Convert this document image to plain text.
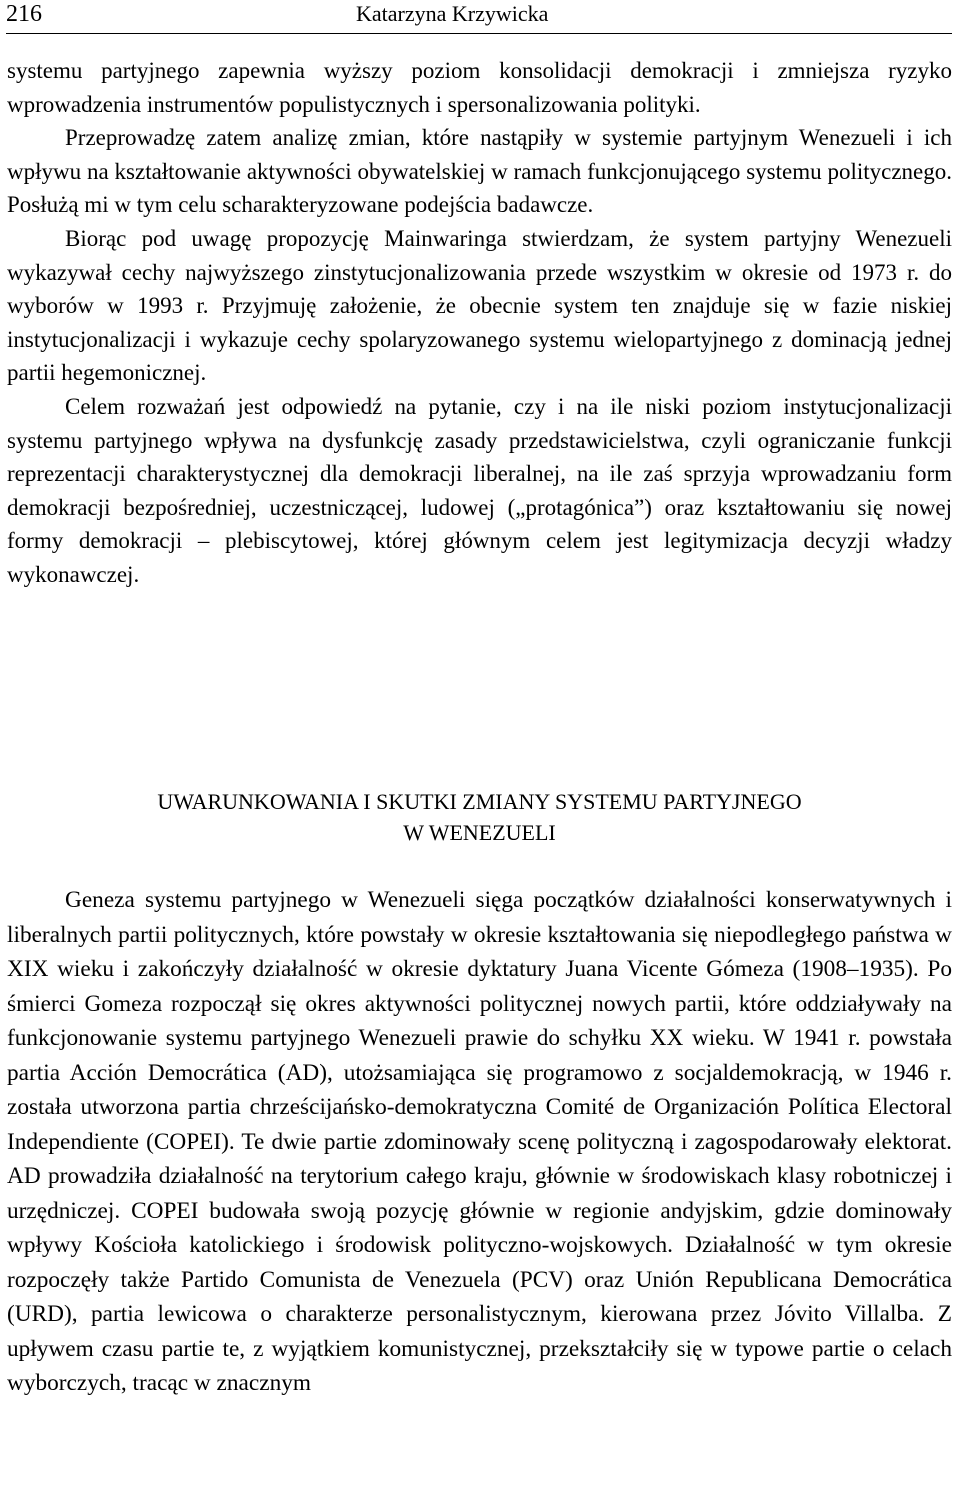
216	Katarzyna Krzywicka

systemu partyjnego zapewnia wyższy poziom konsolidacji demokracji i zmniejsza ryzyko wprowadzenia instrumentów populistycznych i spersonalizowania polityki.

Przeprowadzę zatem analizę zmian, które nastąpiły w systemie partyjnym Wenezueli i ich wpływu na kształtowanie aktywności obywatelskiej w ramach funkcjonującego systemu politycznego. Posłużą mi w tym celu scharakteryzowane podejścia badawcze.

Biorąc pod uwagę propozycję Mainwaringa stwierdzam, że system partyjny Wenezueli wykazywał cechy najwyższego zinstytucjonalizowania przede wszystkim w okresie od 1973 r. do wyborów w 1993 r. Przyjmuję założenie, że obecnie system ten znajduje się w fazie niskiej instytucjonalizacji i wykazuje cechy spolaryzowanego systemu wielopartyjnego z dominacją jednej partii hegemonicznej.

Celem rozważań jest odpowiedź na pytanie, czy i na ile niski poziom instytucjonalizacji systemu partyjnego wpływa na dysfunkcję zasady przedstawicielstwa, czyli ograniczanie funkcji reprezentacji charakterystycznej dla demokracji liberalnej, na ile zaś sprzyja wprowadzaniu form demokracji bezpośredniej, uczestniczącej, ludowej („protagónica”) oraz kształtowaniu się nowej formy demokracji – plebiscytowej, której głównym celem jest legitymizacja decyzji władzy wykonawczej.

UWARUNKOWANIA I SKUTKI ZMIANY SYSTEMU PARTYJNEGO
W WENEZUELI

Geneza systemu partyjnego w Wenezueli sięga początków działalności konserwatywnych i liberalnych partii politycznych, które powstały w okresie kształtowania się niepodległego państwa w XIX wieku i zakończyły działalność w okresie dyktatury Juana Vicente Gómeza (1908–1935). Po śmierci Gomeza rozpoczął się okres aktywności politycznej nowych partii, które oddziaływały na funkcjonowanie systemu partyjnego Wenezueli prawie do schyłku XX wieku. W 1941 r. powstała partia Acción Democrática (AD), utożsamiająca się programowo z socjaldemokracją, w 1946 r. została utworzona partia chrześcijańsko-demokratyczna Comité de Organización Política Electoral Independiente (COPEI). Te dwie partie zdominowały scenę polityczną i zagospodarowały elektorat. AD prowadziła działalność na terytorium całego kraju, głównie w środowiskach klasy robotniczej i urzędniczej. COPEI budowała swoją pozycję głównie w regionie andyjskim, gdzie dominowały wpływy Kościoła katolickiego i środowisk polityczno-wojskowych. Działalność w tym okresie rozpoczęły także Partido Comunista de Venezuela (PCV) oraz Unión Republicana Democrática (URD), partia lewicowa o charakterze personalistycznym, kierowana przez Jóvito Villalba. Z upływem czasu partie te, z wyjątkiem komunistycznej, przekształciły się w typowe partie o celach wyborczych, tracąc w znacznym
